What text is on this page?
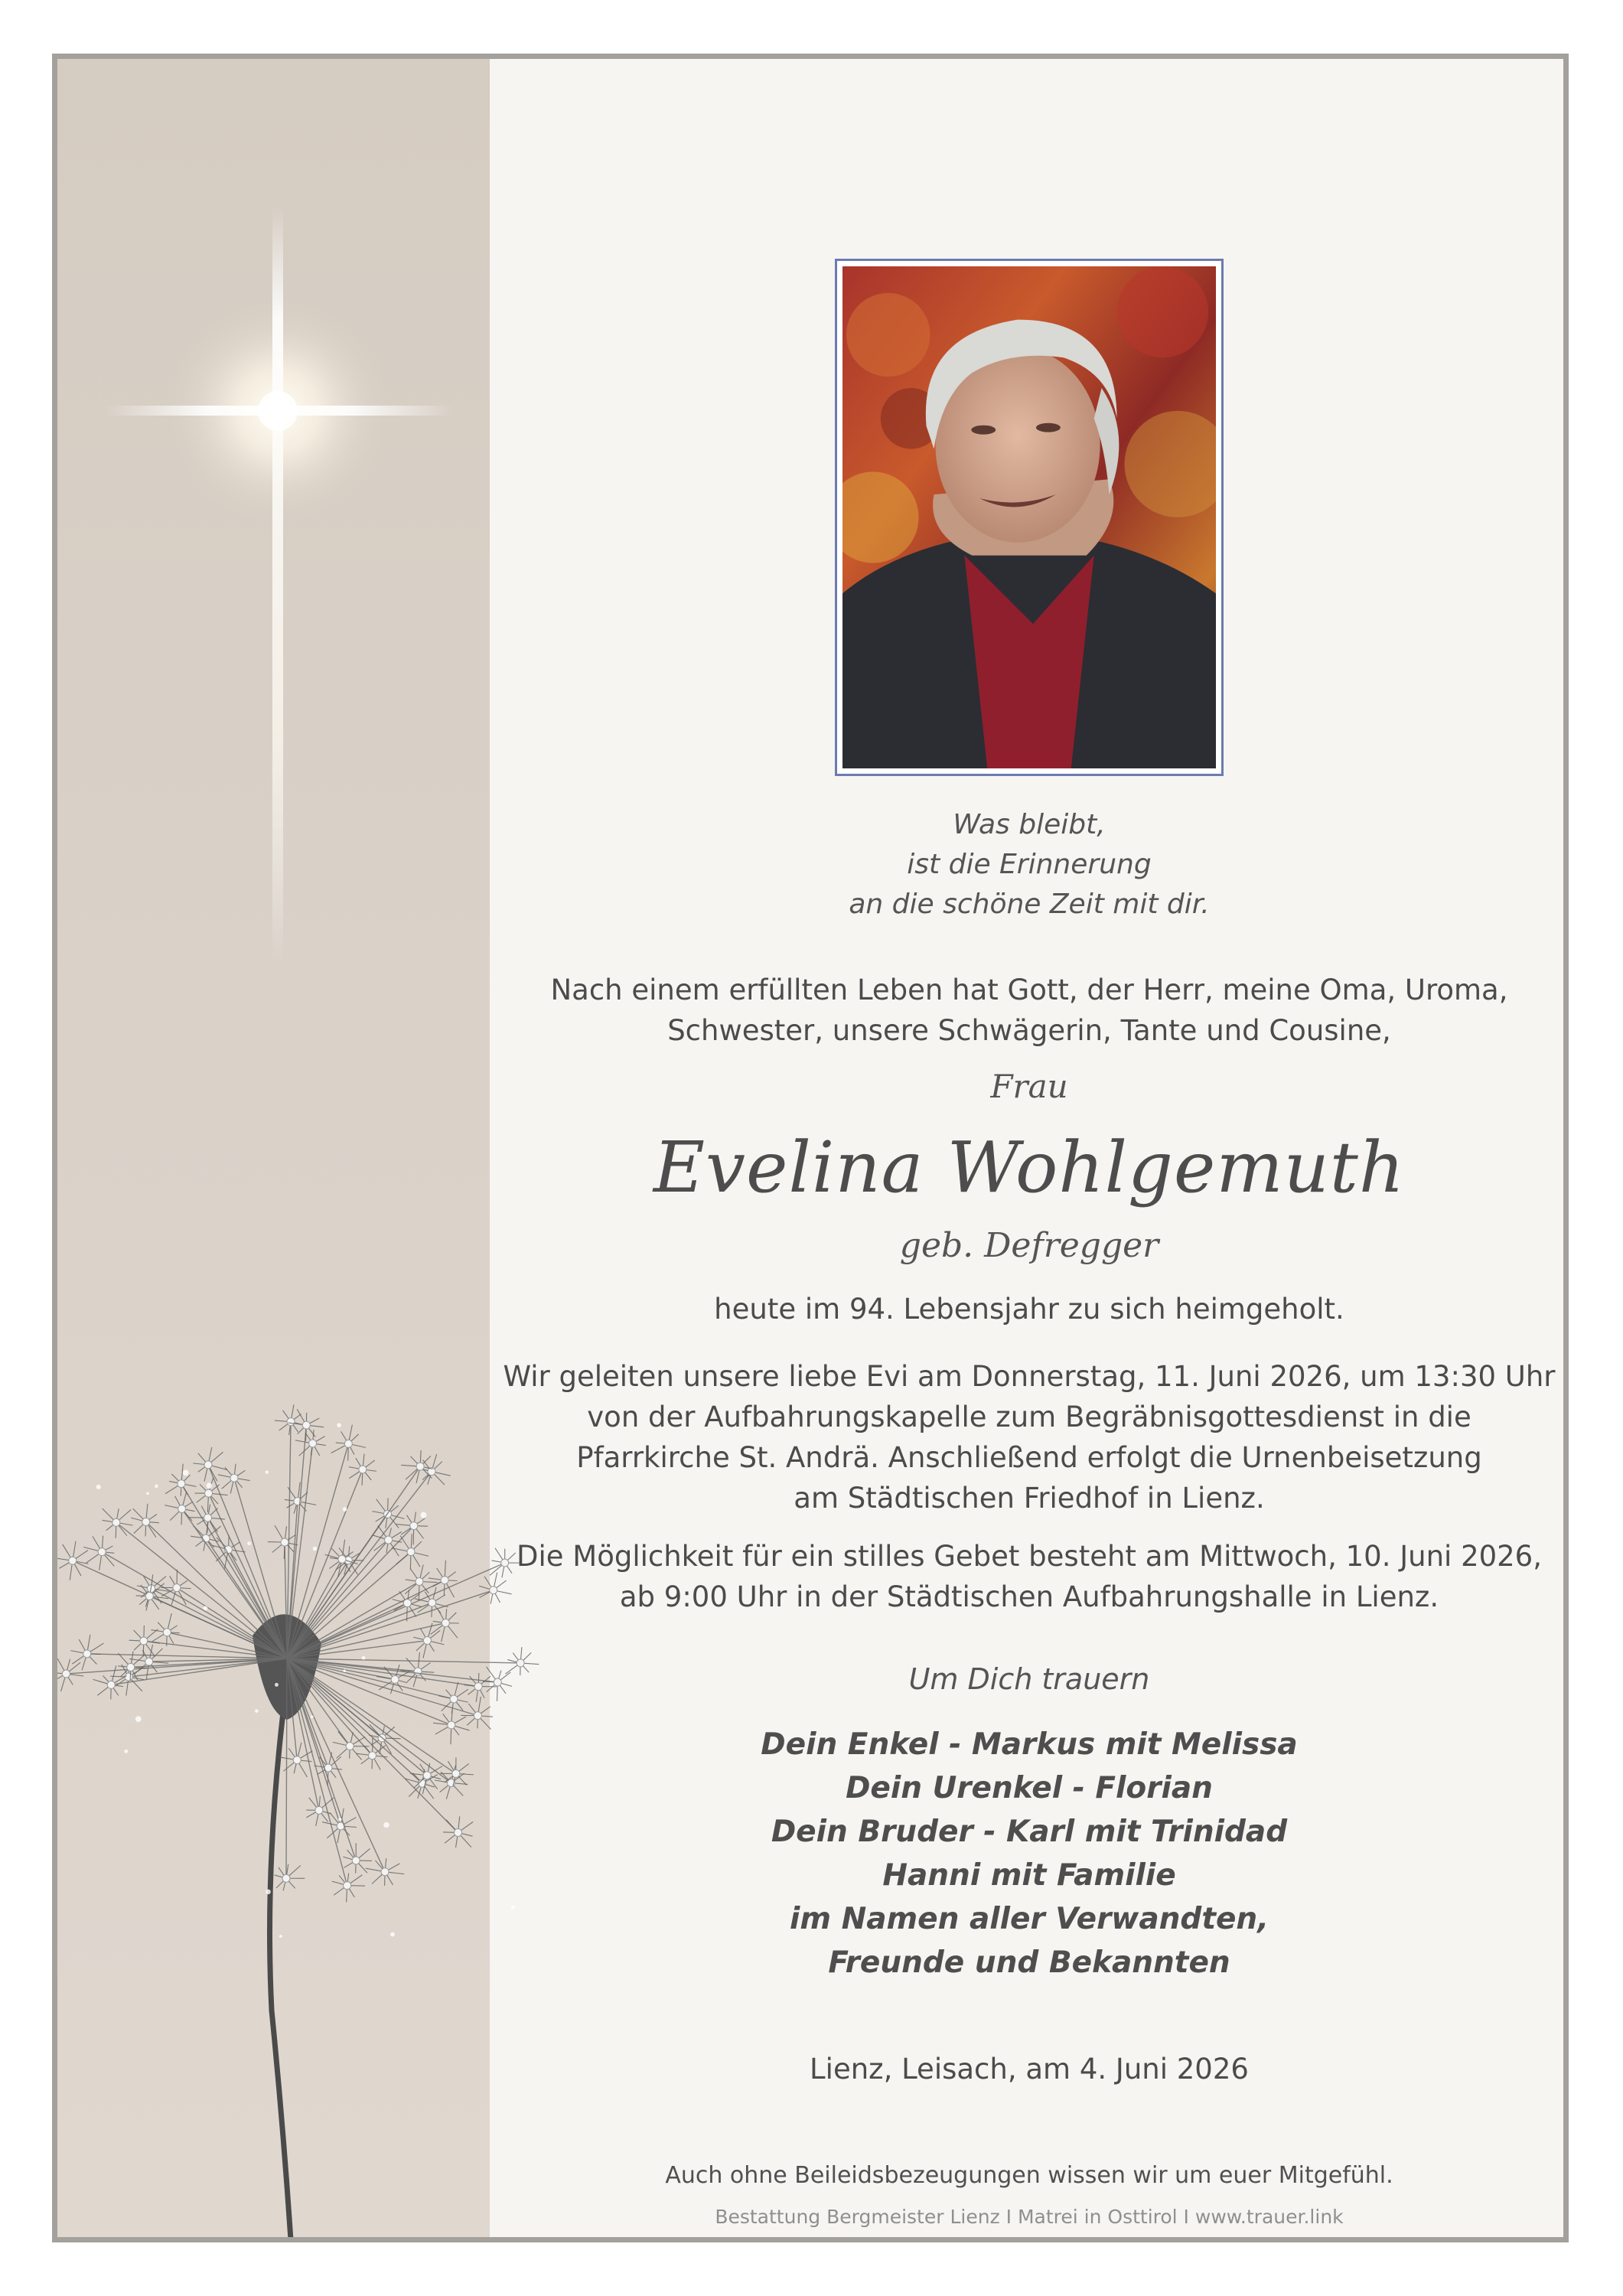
Was bleibt,
ist die Erinnerung
an die schöne Zeit mit dir.
Nach einem erfüllten Leben hat Gott, der Herr, meine Oma, Uroma,
Schwester, unsere Schwägerin, Tante und Cousine,
Frau
Evelina Wohlgemuth
geb. Defregger
heute im 94. Lebensjahr zu sich heimgeholt.
Wir geleiten unsere liebe Evi am Donnerstag, 11. Juni 2026, um 13:30 Uhr
von der Aufbahrungskapelle zum Begräbnisgottesdienst in die
Pfarrkirche St. Andrä. Anschließend erfolgt die Urnenbeisetzung
am Städtischen Friedhof in Lienz.
Die Möglichkeit für ein stilles Gebet besteht am Mittwoch, 10. Juni 2026,
ab 9:00 Uhr in der Städtischen Aufbahrungshalle in Lienz.
Um Dich trauern
Dein Enkel - Markus mit Melissa
Dein Urenkel - Florian
Dein Bruder - Karl mit Trinidad
Hanni mit Familie
im Namen aller Verwandten,
Freunde und Bekannten
Lienz, Leisach, am 4. Juni 2026
Auch ohne Beileidsbezeugungen wissen wir um euer Mitgefühl.
Bestattung Bergmeister Lienz I Matrei in Osttirol I www.trauer.link
